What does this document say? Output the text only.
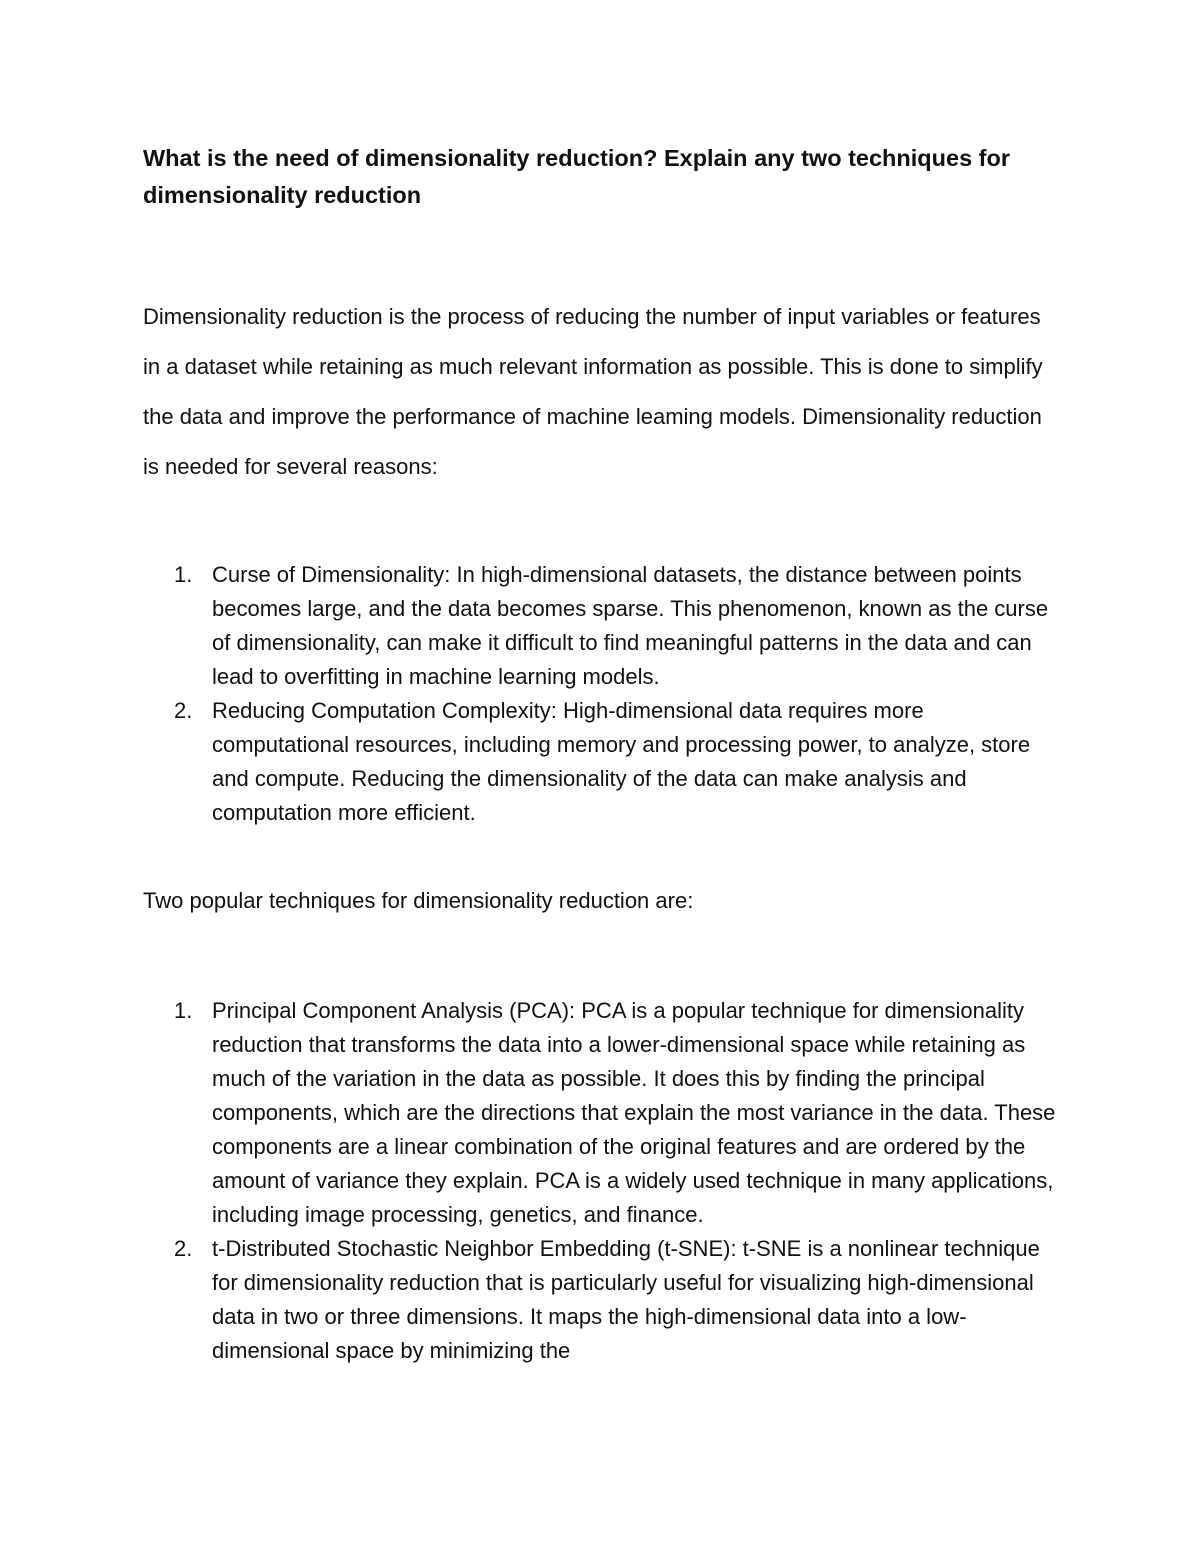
What is the need of dimensionality reduction? Explain any two techniques for dimensionality reduction

Dimensionality reduction is the process of reducing the number of input variables or features in a dataset while retaining as much relevant information as possible. This is done to simplify the data and improve the performance of machine leaming models. Dimensionality reduction is needed for several reasons:

1. Curse of Dimensionality: In high-dimensional datasets, the distance between points becomes large, and the data becomes sparse. This phenomenon, known as the curse of dimensionality, can make it difficult to find meaningful patterns in the data and can lead to overfitting in machine learning models.
2. Reducing Computation Complexity: High-dimensional data requires more computational resources, including memory and processing power, to analyze, store and compute. Reducing the dimensionality of the data can make analysis and computation more efficient.

Two popular techniques for dimensionality reduction are:

1. Principal Component Analysis (PCA): PCA is a popular technique for dimensionality reduction that transforms the data into a lower-dimensional space while retaining as much of the variation in the data as possible. It does this by finding the principal components, which are the directions that explain the most variance in the data. These components are a linear combination of the original features and are ordered by the amount of variance they explain. PCA is a widely used technique in many applications, including image processing, genetics, and finance.
2. t-Distributed Stochastic Neighbor Embedding (t-SNE): t-SNE is a nonlinear technique for dimensionality reduction that is particularly useful for visualizing high-dimensional data in two or three dimensions. It maps the high-dimensional data into a low-dimensional space by minimizing the
